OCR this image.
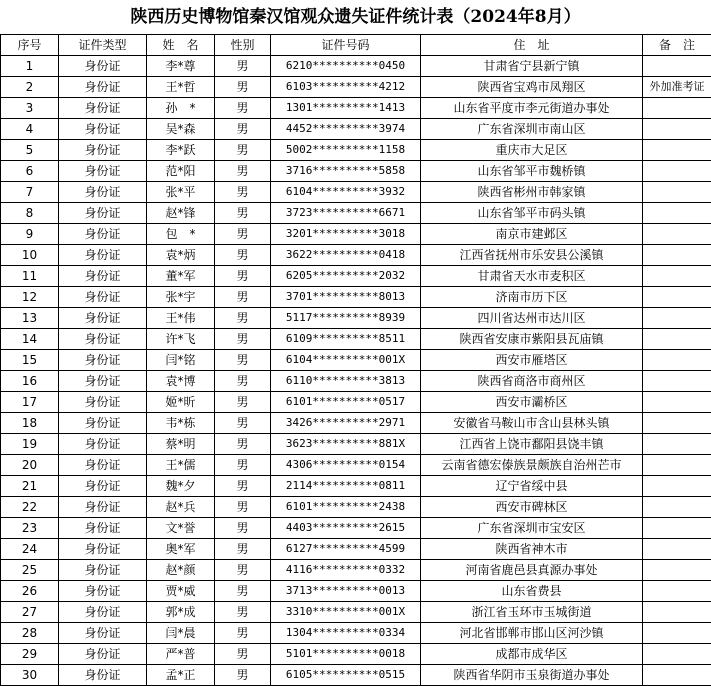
陕西历史博物馆秦汉馆观众遗失证件统计表（2024年8月）
序号	证件类型	姓　名	性别	证件号码	住　址	备　注
1	身份证	李*尊	男	6210**********0450	甘肃省宁县新宁镇	
2	身份证	王*哲	男	6103**********4212	陕西省宝鸡市凤翔区	外加准考证
3	身份证	孙　*	男	1301**********1413	山东省平度市李元街道办事处	
4	身份证	吴*森	男	4452**********3974	广东省深圳市南山区	
5	身份证	李*跃	男	5002**********1158	重庆市大足区	
6	身份证	范*阳	男	3716**********5858	山东省邹平市魏桥镇	
7	身份证	张*平	男	6104**********3932	陕西省彬州市韩家镇	
8	身份证	赵*锋	男	3723**********6671	山东省邹平市码头镇	
9	身份证	包　*	男	3201**********3018	南京市建邺区	
10	身份证	袁*炳	男	3622**********0418	江西省抚州市乐安县公溪镇	
11	身份证	董*军	男	6205**********2032	甘肃省天水市麦积区	
12	身份证	张*宇	男	3701**********8013	济南市历下区	
13	身份证	王*伟	男	5117**********8939	四川省达州市达川区	
14	身份证	许*飞	男	6109**********8511	陕西省安康市紫阳县瓦庙镇	
15	身份证	闫*铭	男	6104**********001X	西安市雁塔区	
16	身份证	袁*博	男	6110**********3813	陕西省商洛市商州区	
17	身份证	姬*昕	男	6101**********0517	西安市灞桥区	
18	身份证	韦*栋	男	3426**********2971	安徽省马鞍山市含山县林头镇	
19	身份证	蔡*明	男	3623**********881X	江西省上饶市鄱阳县饶丰镇	
20	身份证	王*儒	男	4306**********0154	云南省德宏傣族景颇族自治州芒市	
21	身份证	魏*夕	男	2114**********0811	辽宁省绥中县	
22	身份证	赵*兵	男	6101**********2438	西安市碑林区	
23	身份证	文*誉	男	4403**********2615	广东省深圳市宝安区	
24	身份证	奥*军	男	6127**********4599	陕西省神木市	
25	身份证	赵*颜	男	4116**********0332	河南省鹿邑县真源办事处	
26	身份证	贾*威	男	3713**********0013	山东省费县	
27	身份证	郭*成	男	3310**********001X	浙江省玉环市玉城街道	
28	身份证	闫*晨	男	1304**********0334	河北省邯郸市邯山区河沙镇	
29	身份证	严*普	男	5101**********0018	成都市成华区	
30	身份证	孟*正	男	6105**********0515	陕西省华阴市玉泉街道办事处	
